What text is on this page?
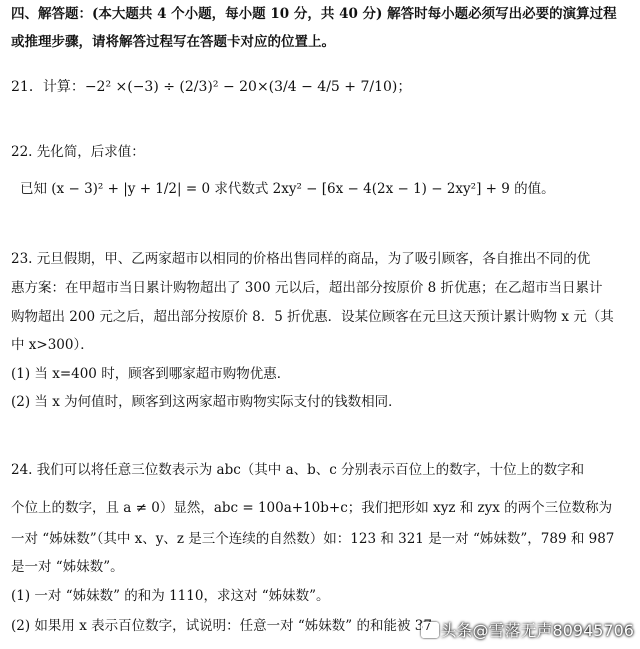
四、解答题：(本大题共 4 个小题，每小题 10 分，共 40 分) 解答时每小题必须写出必要的演算过程
或推理步骤，请将解答过程写在答题卡对应的位置上。
21．计算：−2² ×(−3) ÷ (2/3)² − 20×(3/4 − 4/5 + 7/10)；
22. 先化简，后求值：
已知 (x − 3)² + |y + 1/2| = 0 求代数式 2xy² − [6x − 4(2x − 1) − 2xy²] + 9 的值。
23. 元旦假期，甲、乙两家超市以相同的价格出售同样的商品，为了吸引顾客，各自推出不同的优
惠方案：在甲超市当日累计购物超出了 300 元以后，超出部分按原价 8 折优惠；在乙超市当日累计
购物超出 200 元之后，超出部分按原价 8．5 折优惠．设某位顾客在元旦这天预计累计购物 x 元（其
中 x>300）．
(1) 当 x=400 时，顾客到哪家超市购物优惠．
(2) 当 x 为何值时，顾客到这两家超市购物实际支付的钱数相同．
24. 我们可以将任意三位数表示为 abc（其中 a、b、c 分别表示百位上的数字，十位上的数字和
个位上的数字，且 a ≠ 0）显然，abc = 100a+10b+c；我们把形如 xyz 和 zyx 的两个三位数称为
一对 “姊妹数”（其中 x、y、z 是三个连续的自然数）如：123 和 321 是一对 “姊妹数”，789 和 987
是一对 “姊妹数”。
(1) 一对 “姊妹数” 的和为 1110，求这对 “姊妹数”。
(2) 如果用 x 表示百位数字，试说明：任意一对 “姊妹数” 的和能被 37 头条@雪落无声80945706
